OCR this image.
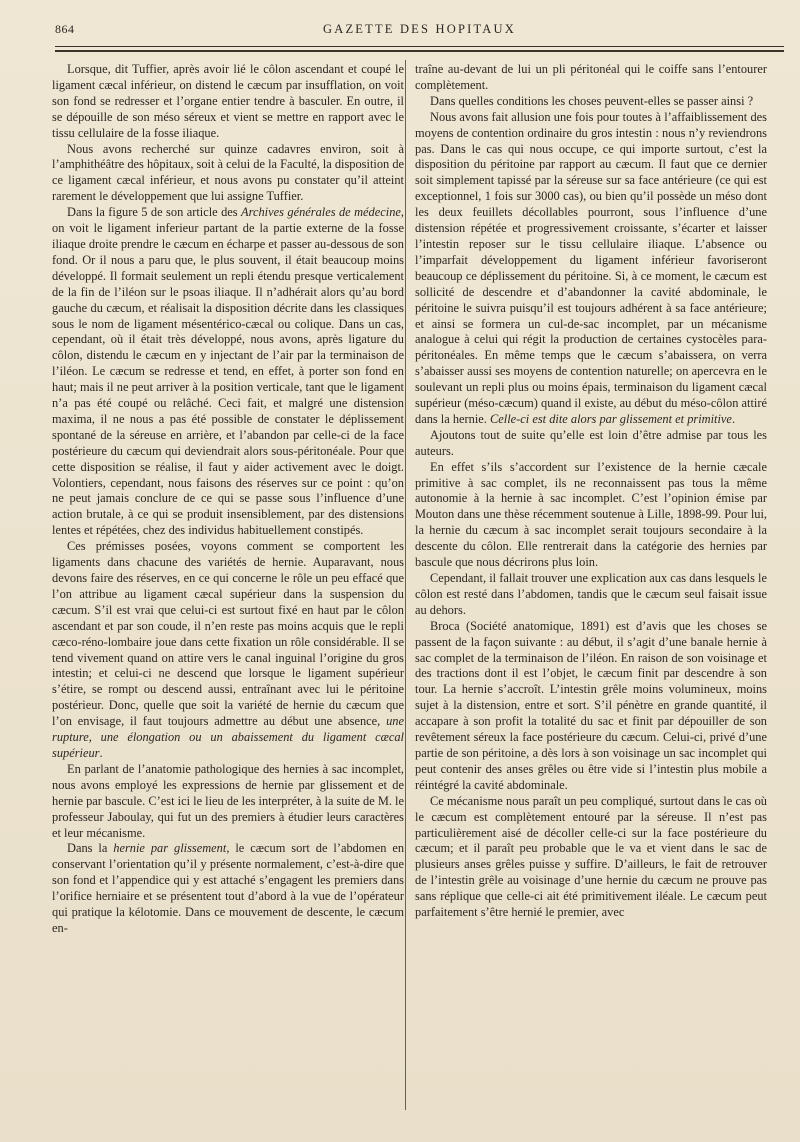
864	GAZETTE DES HOPITAUX

Lorsque, dit Tuffier, après avoir lié le côlon ascendant et coupé le ligament cæcal inférieur, on distend le cæcum par insufflation, on voit son fond se redresser et l’organe entier tendre à basculer. En outre, il se dépouille de son méso séreux et vient se mettre en rapport avec le tissu cellulaire de la fosse iliaque.

Nous avons recherché sur quinze cadavres environ, soit à l’amphithéâtre des hôpitaux, soit à celui de la Faculté, la disposition de ce ligament cæcal inférieur, et nous avons pu constater qu’il atteint rarement le développement que lui assigne Tuffier.

Dans la figure 5 de son article des Archives générales de médecine, on voit le ligament inferieur partant de la partie externe de la fosse iliaque droite prendre le cæcum en écharpe et passer au-dessous de son fond. Or il nous a paru que, le plus souvent, il était beaucoup moins développé. Il formait seulement un repli étendu presque verticalement de la fin de l’iléon sur le psoas iliaque. Il n’adhérait alors qu’au bord gauche du cæcum, et réalisait la disposition décrite dans les classiques sous le nom de ligament mésentérico-cæcal ou colique. Dans un cas, cependant, où il était très développé, nous avons, après ligature du côlon, distendu le cæcum en y injectant de l’air par la terminaison de l’iléon. Le cæcum se redresse et tend, en effet, à porter son fond en haut; mais il ne peut arriver à la position verticale, tant que le ligament n’a pas été coupé ou relâché. Ceci fait, et malgré une distension maxima, il ne nous a pas été possible de constater le déplissement spontané de la séreuse en arrière, et l’abandon par celle-ci de la face postérieure du cæcum qui deviendrait alors sous-péritonéale. Pour que cette disposition se réalise, il faut y aider activement avec le doigt. Volontiers, cependant, nous faisons des réserves sur ce point : qu’on ne peut jamais conclure de ce qui se passe sous l’influence d’une action brutale, à ce qui se produit insensiblement, par des distensions lentes et répétées, chez des individus habituellement constipés.

Ces prémisses posées, voyons comment se comportent les ligaments dans chacune des variétés de hernie. Auparavant, nous devons faire des réserves, en ce qui concerne le rôle un peu effacé que l’on attribue au ligament cæcal supérieur dans la suspension du cæcum. S’il est vrai que celui-ci est surtout fixé en haut par le côlon ascendant et par son coude, il n’en reste pas moins acquis que le repli cæco-réno-lombaire joue dans cette fixation un rôle considérable. Il se tend vivement quand on attire vers le canal inguinal l’origine du gros intestin; et celui-ci ne descend que lorsque le ligament supérieur s’étire, se rompt ou descend aussi, entraînant avec lui le péritoine postérieur. Donc, quelle que soit la variété de hernie du cæcum que l’on envisage, il faut toujours admettre au début une absence, une rupture, une élongation ou un abaissement du ligament cæcal supérieur.

En parlant de l’anatomie pathologique des hernies à sac incomplet, nous avons employé les expressions de hernie par glissement et de hernie par bascule. C’est ici le lieu de les interpréter, à la suite de M. le professeur Jaboulay, qui fut un des premiers à étudier leurs caractères et leur mécanisme.

Dans la hernie par glissement, le cæcum sort de l’abdomen en conservant l’orientation qu’il y présente normalement, c’est-à-dire que son fond et l’appendice qui y est attaché s’engagent les premiers dans l’orifice herniaire et se présentent tout d’abord à la vue de l’opérateur qui pratique la kélotomie. Dans ce mouvement de descente, le cæcum en-

traîne au-devant de lui un pli péritonéal qui le coiffe sans l’entourer complètement.

Dans quelles conditions les choses peuvent-elles se passer ainsi ?

Nous avons fait allusion une fois pour toutes à l’affaiblissement des moyens de contention ordinaire du gros intestin : nous n’y reviendrons pas. Dans le cas qui nous occupe, ce qui importe surtout, c’est la disposition du péritoine par rapport au cæcum. Il faut que ce dernier soit simplement tapissé par la séreuse sur sa face antérieure (ce qui est exceptionnel, 1 fois sur 3000 cas), ou bien qu’il possède un méso dont les deux feuillets décollables pourront, sous l’influence d’une distension répétée et progressivement croissante, s’écarter et laisser l’intestin reposer sur le tissu cellulaire iliaque. L’absence ou l’imparfait développement du ligament inférieur favoriseront beaucoup ce déplissement du péritoine. Si, à ce moment, le cæcum est sollicité de descendre et d’abandonner la cavité abdominale, le péritoine le suivra puisqu’il est toujours adhérent à sa face antérieure; et ainsi se formera un cul-de-sac incomplet, par un mécanisme analogue à celui qui régit la production de certaines cystocèles para-péritonéales. En même temps que le cæcum s’abaissera, on verra s’abaisser aussi ses moyens de contention naturelle; on apercevra en le soulevant un repli plus ou moins épais, terminaison du ligament cæcal supérieur (méso-cæcum) quand il existe, au début du méso-côlon attiré dans la hernie. Celle-ci est dite alors par glissement et primitive.

Ajoutons tout de suite qu’elle est loin d’être admise par tous les auteurs.

En effet s’ils s’accordent sur l’existence de la hernie cæcale primitive à sac complet, ils ne reconnaissent pas tous la même autonomie à la hernie à sac incomplet. C’est l’opinion émise par Mouton dans une thèse récemment soutenue à Lille, 1898-99. Pour lui, la hernie du cæcum à sac incomplet serait toujours secondaire à la descente du côlon. Elle rentrerait dans la catégorie des hernies par bascule que nous décrirons plus loin.

Cependant, il fallait trouver une explication aux cas dans lesquels le côlon est resté dans l’abdomen, tandis que le cæcum seul faisait issue au dehors.

Broca (Société anatomique, 1891) est d’avis que les choses se passent de la façon suivante : au début, il s’agit d’une banale hernie à sac complet de la terminaison de l’iléon. En raison de son voisinage et des tractions dont il est l’objet, le cæcum finit par descendre à son tour. La hernie s’accroît. L’intestin grêle moins volumineux, moins sujet à la distension, entre et sort. S’il pénètre en grande quantité, il accapare à son profit la totalité du sac et finit par dépouiller de son revêtement séreux la face postérieure du cæcum. Celui-ci, privé d’une partie de son péritoine, a dès lors à son voisinage un sac incomplet qui peut contenir des anses grêles ou être vide si l’intestin plus mobile a réintégré la cavité abdominale.

Ce mécanisme nous paraît un peu compliqué, surtout dans le cas où le cæcum est complètement entouré par la séreuse. Il n’est pas particulièrement aisé de décoller celle-ci sur la face postérieure du cæcum; et il paraît peu probable que le va et vient dans le sac de plusieurs anses grêles puisse y suffire. D’ailleurs, le fait de retrouver de l’intestin grêle au voisinage d’une hernie du cæcum ne prouve pas sans réplique que celle-ci ait été primitivement iléale. Le cæcum peut parfaitement s’être hernié le premier, avec
